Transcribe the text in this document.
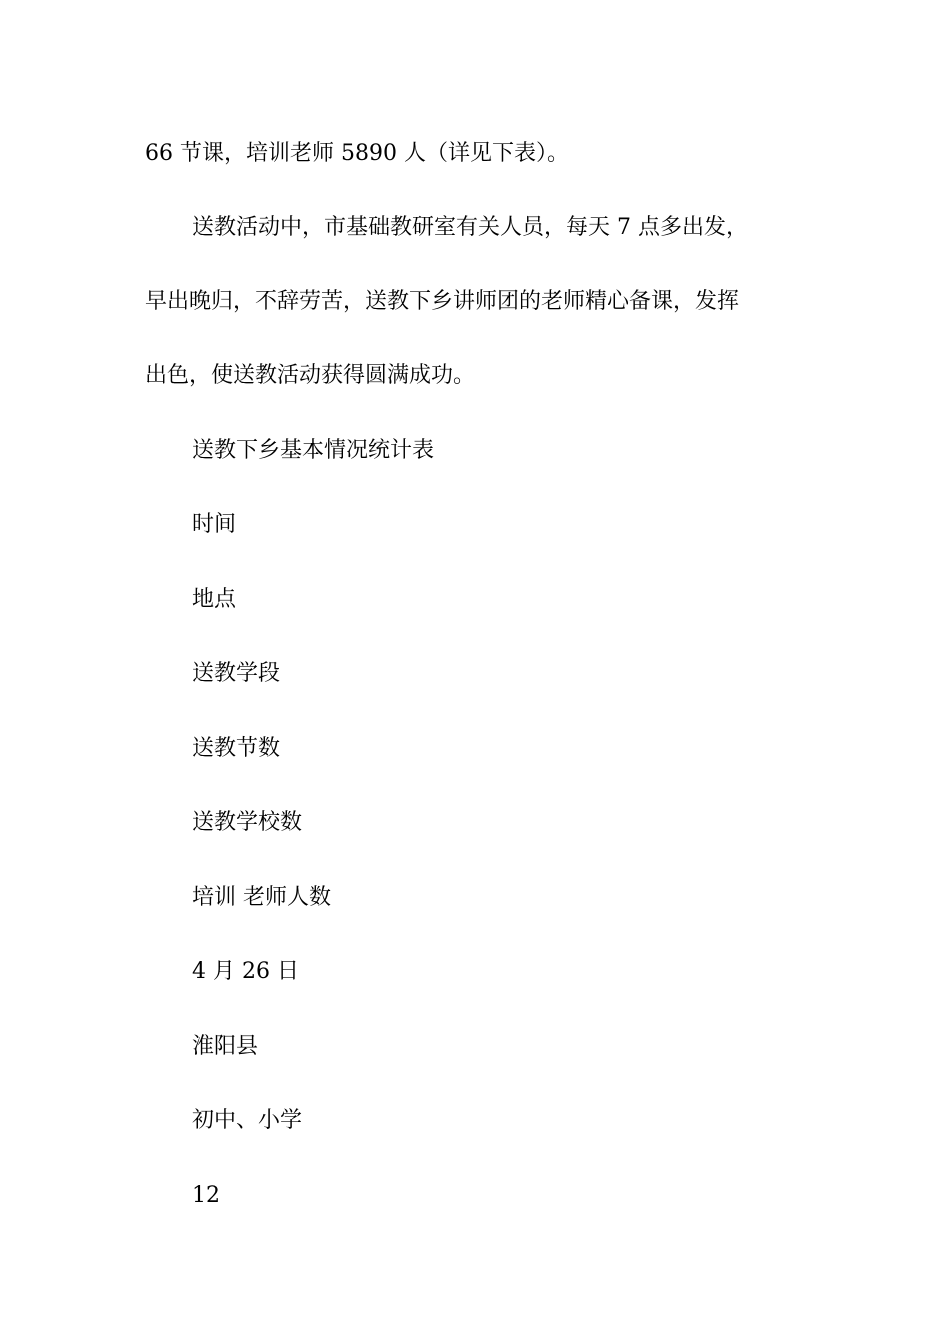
66 节课，培训老师 5890 人（详见下表）。

送教活动中，市基础教研室有关人员，每天 7 点多出发，

早出晚归，不辞劳苦，送教下乡讲师团的老师精心备课，发挥

出色，使送教活动获得圆满成功。

送教下乡基本情况统计表

时间

地点

送教学段

送教节数

送教学校数

培训 老师人数

4 月 26 日

淮阳县

初中、小学

12
